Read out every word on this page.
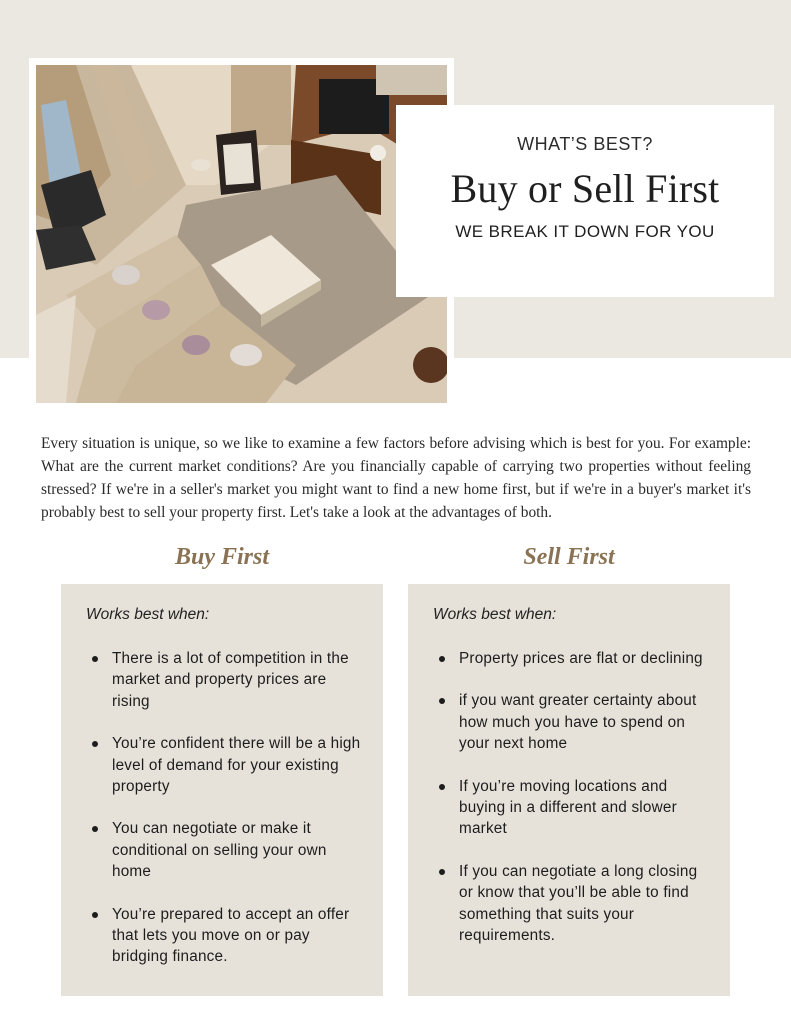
WHAT’S BEST?
Buy or Sell First
WE BREAK IT DOWN FOR YOU

Every situation is unique, so we like to examine a few factors before advising which is best for you. For example: What are the current market conditions? Are you financially capable of carrying two properties without feeling stressed? If we're in a seller's market you might want to find a new home first, but if we're in a buyer's market it's probably best to sell your property first. Let's take a look at the advantages of both.

Buy First
Works best when:
There is a lot of competition in the market and property prices are rising
You’re confident there will be a high level of demand for your existing property
You can negotiate or make it conditional on selling your own home
You’re prepared to accept an offer that lets you move on or pay bridging finance.
Sell First
Works best when:
Property prices are flat or declining
if you want greater certainty about how much you have to spend on your next home
If you’re moving locations and buying in a different and slower market
If you can negotiate a long closing or know that you’ll be able to find something that suits your requirements.
